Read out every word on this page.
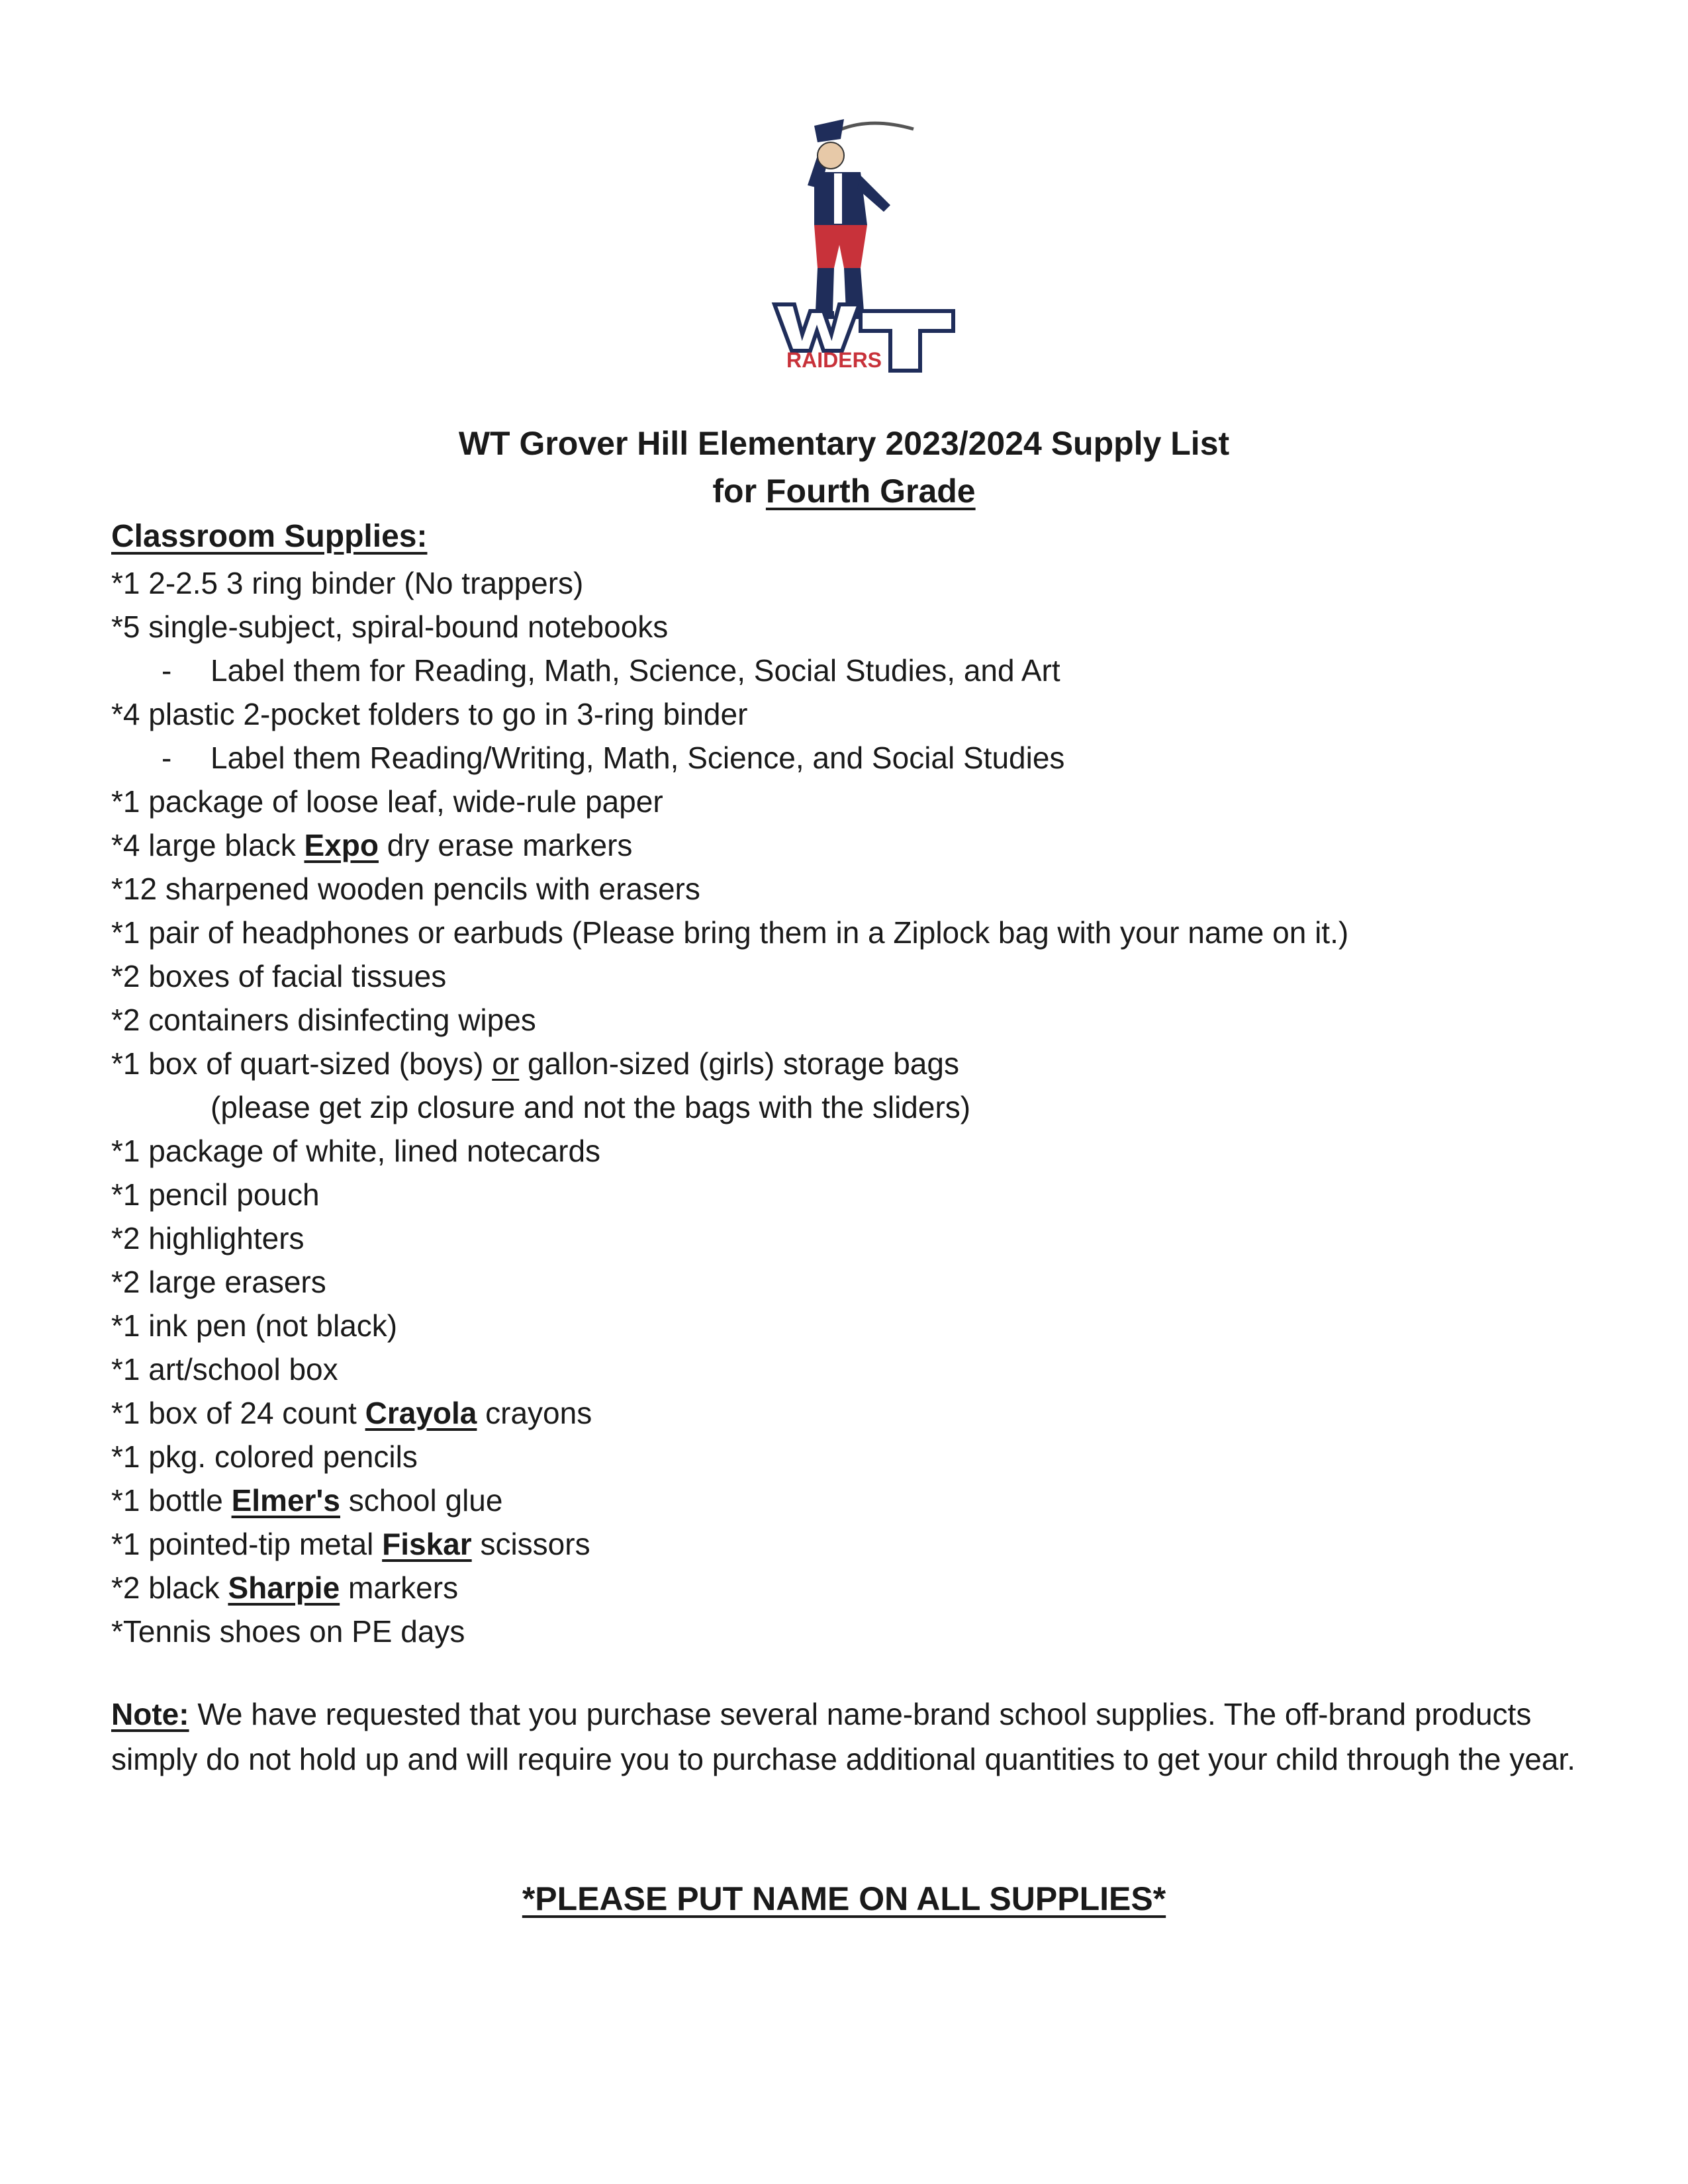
RAIDERS
WT Grover Hill Elementary 2023/2024 Supply List
for Fourth Grade
Classroom Supplies:
*1 2-2.5 3 ring binder (No trappers)
*5 single-subject, spiral-bound notebooks
- Label them for Reading, Math, Science, Social Studies, and Art
*4 plastic 2-pocket folders to go in 3-ring binder
- Label them Reading/Writing, Math, Science, and Social Studies
*1 package of loose leaf, wide-rule paper
*4 large black Expo dry erase markers
*12 sharpened wooden pencils with erasers
*1 pair of headphones or earbuds (Please bring them in a Ziplock bag with your name on it.)
*2 boxes of facial tissues
*2 containers disinfecting wipes
*1 box of quart-sized (boys) or gallon-sized (girls) storage bags
(please get zip closure and not the bags with the sliders)
*1 package of white, lined notecards
*1 pencil pouch
*2 highlighters
*2 large erasers
*1 ink pen (not black)
*1 art/school box
*1 box of 24 count Crayola crayons
*1 pkg. colored pencils
*1 bottle Elmer's school glue
*1 pointed-tip metal Fiskar scissors
*2 black Sharpie markers
*Tennis shoes on PE days
Note: We have requested that you purchase several name-brand school supplies. The off-brand products simply do not hold up and will require you to purchase additional quantities to get your child through the year.
*PLEASE PUT NAME ON ALL SUPPLIES*
